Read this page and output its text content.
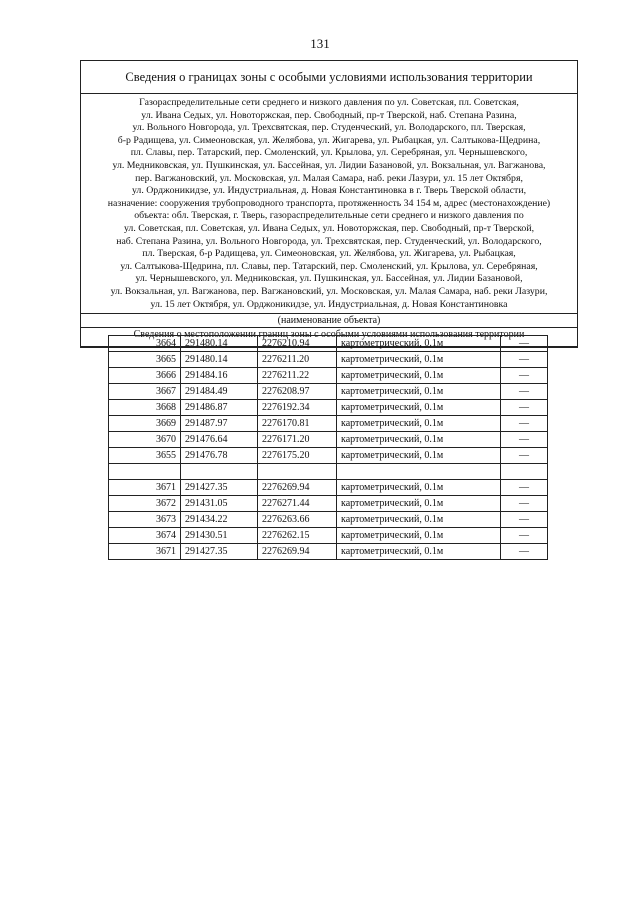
131
Сведения о границах зоны с особыми условиями использования территории
Газораспределительные сети среднего и низкого давления по ул. Советская, пл. Советская,
ул. Ивана Седых, ул. Новоторжская, пер. Свободный, пр-т Тверской, наб. Степана Разина,
ул. Вольного Новгорода, ул. Трехсвятская, пер. Студенческий, ул. Володарского, пл. Тверская,
б-р Радищева, ул. Симеоновская, ул. Желябова, ул. Жигарева, ул. Рыбацкая, ул. Салтыкова-Щедрина,
пл. Славы, пер. Татарский, пер. Смоленский, ул. Крылова, ул. Серебряная, ул. Чернышевского,
ул. Медниковская, ул. Пушкинская, ул. Бассейная, ул. Лидии Базановой, ул. Вокзальная, ул. Вагжанова,
пер. Вагжановский, ул. Московская, ул. Малая Самара, наб. реки Лазури, ул. 15 лет Октября,
ул. Орджоникидзе, ул. Индустриальная, д. Новая Константиновка в г. Тверь Тверской области,
назначение: сооружения трубопроводного транспорта, протяженность 34 154 м, адрес (местонахождение)
объекта: обл. Тверская, г. Тверь, газораспределительные сети среднего и низкого давления по
ул. Советская, пл. Советская, ул. Ивана Седых, ул. Новоторжская, пер. Свободный, пр-т Тверской,
наб. Степана Разина, ул. Вольного Новгорода, ул. Трехсвятская, пер. Студенческий, ул. Володарского,
пл. Тверская, б-р Радищева, ул. Симеоновская, ул. Желябова, ул. Жигарева, ул. Рыбацкая,
ул. Салтыкова-Щедрина, пл. Славы, пер. Татарский, пер. Смоленский, ул. Крылова, ул. Серебряная,
ул. Чернышевского, ул. Медниковская, ул. Пушкинская, ул. Бассейная, ул. Лидии Базановой,
ул. Вокзальная, ул. Вагжанова, пер. Вагжановский, ул. Московская, ул. Малая Самара, наб. реки Лазури,
ул. 15 лет Октября, ул. Орджоникидзе, ул. Индустриальная, д. Новая Константиновка
(наименование объекта)
Сведения о местоположении границ зоны с особыми условиями использования территории
3664	291480.14	2276210.94	картометрический, 0.1м	—
3665	291480.14	2276211.20	картометрический, 0.1м	—
3666	291484.16	2276211.22	картометрический, 0.1м	—
3667	291484.49	2276208.97	картометрический, 0.1м	—
3668	291486.87	2276192.34	картометрический, 0.1м	—
3669	291487.97	2276170.81	картометрический, 0.1м	—
3670	291476.64	2276171.20	картометрический, 0.1м	—
3655	291476.78	2276175.20	картометрический, 0.1м	—

3671	291427.35	2276269.94	картометрический, 0.1м	—
3672	291431.05	2276271.44	картометрический, 0.1м	—
3673	291434.22	2276263.66	картометрический, 0.1м	—
3674	291430.51	2276262.15	картометрический, 0.1м	—
3671	291427.35	2276269.94	картометрический, 0.1м	—
